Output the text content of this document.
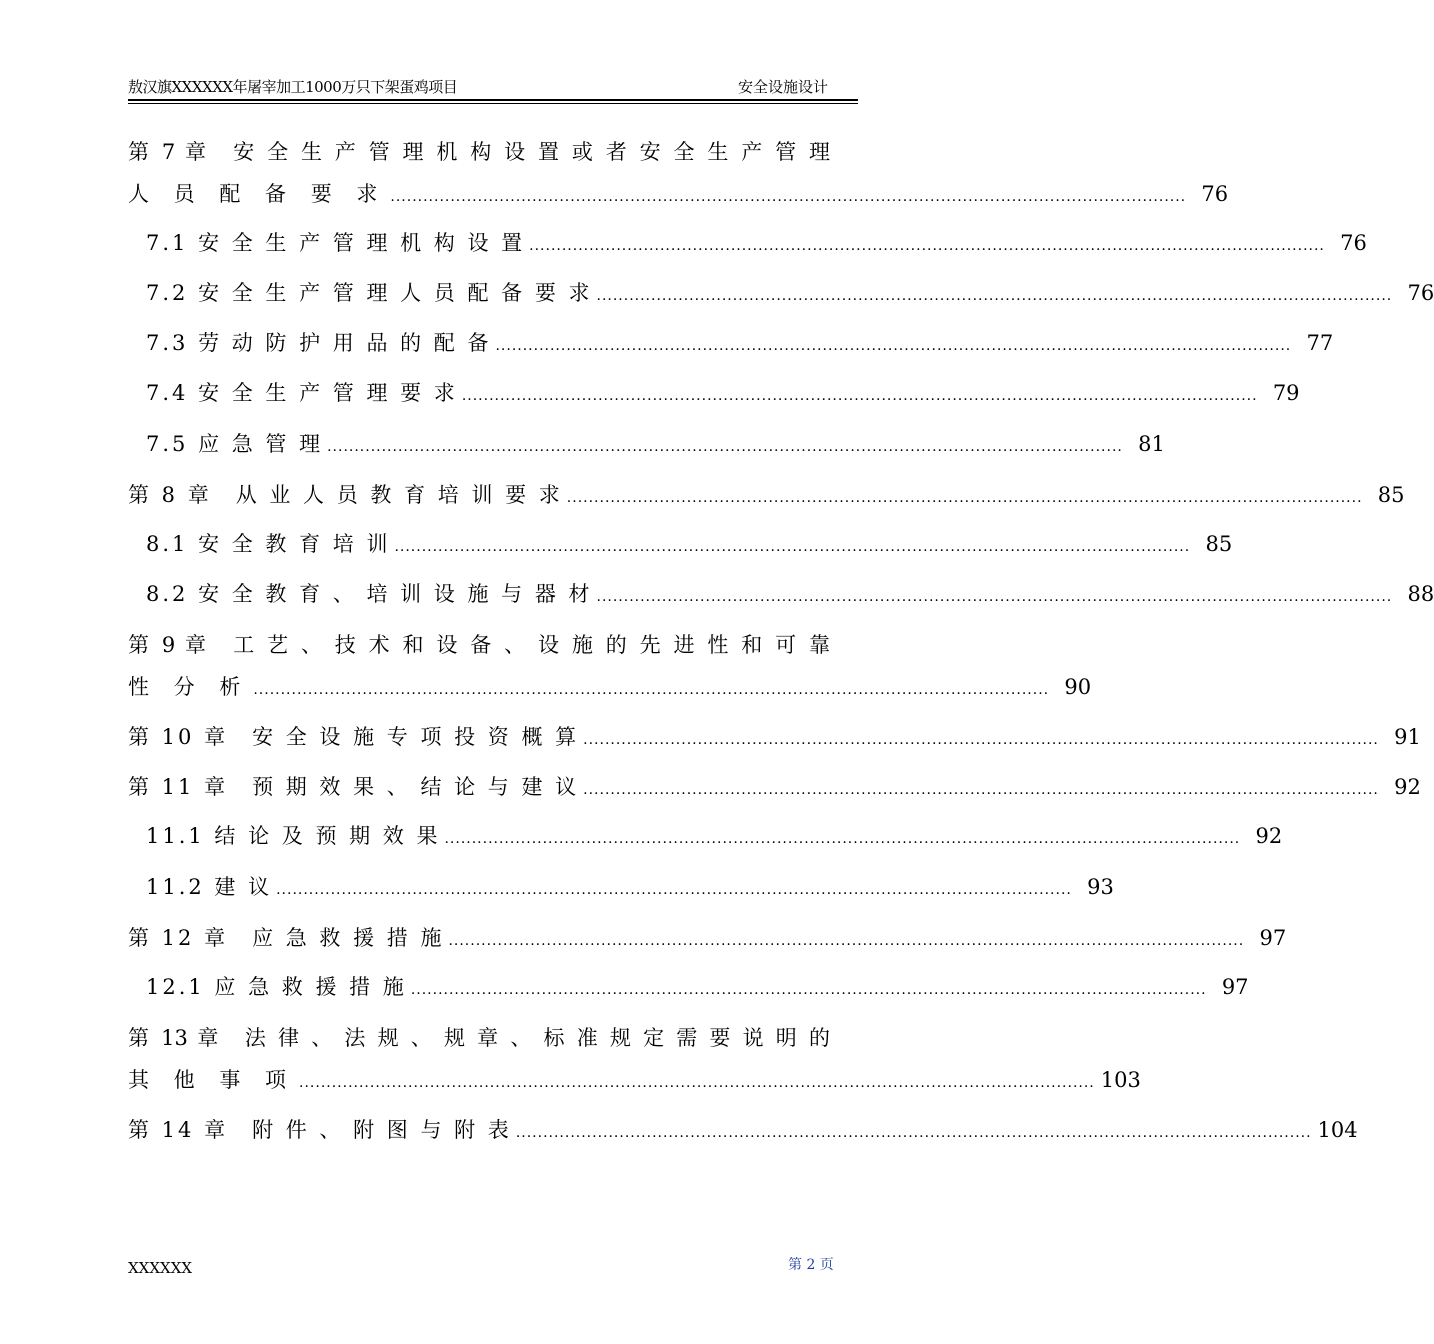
敖汉旗XXXXXX年屠宰加工1000万只下架蛋鸡项目	安全设施设计
第 7 章　安 全 生 产 管 理 机 构 设 置 或 者 安 全 生 产 管 理
人 员 配 备 要 求 .................................................................................................................................................. 76
7.1 安 全 生 产 管 理 机 构 设 置 .................................................................................................................................................. 76
7.2 安 全 生 产 管 理 人 员 配 备 要 求 .................................................................................................................................................. 76
7.3 劳 动 防 护 用 品 的 配 备 .................................................................................................................................................. 77
7.4 安 全 生 产 管 理 要 求 .................................................................................................................................................. 79
7.5 应 急 管 理 .................................................................................................................................................. 81
第 8 章　从 业 人 员 教 育 培 训 要 求 .................................................................................................................................................. 85
8.1 安 全 教 育 培 训 .................................................................................................................................................. 85
8.2 安 全 教 育 、 培 训 设 施 与 器 材 .................................................................................................................................................. 88
第 9 章　工 艺 、 技 术 和 设 备 、 设 施 的 先 进 性 和 可 靠
性 分 析 .................................................................................................................................................. 90
第 10 章　安 全 设 施 专 项 投 资 概 算 .................................................................................................................................................. 91
第 11 章　预 期 效 果 、 结 论 与 建 议 .................................................................................................................................................. 92
11.1 结 论 及 预 期 效 果 .................................................................................................................................................. 92
11.2 建 议 .................................................................................................................................................. 93
第 12 章　应 急 救 援 措 施 .................................................................................................................................................. 97
12.1 应 急 救 援 措 施 .................................................................................................................................................. 97
第 13 章　法 律 、 法 规 、 规 章 、 标 准 规 定 需 要 说 明 的
其 他 事 项 .................................................................................................................................................. 103
第 14 章　附 件 、 附 图 与 附 表 .................................................................................................................................................. 104
XXXXXX	第 2 页
